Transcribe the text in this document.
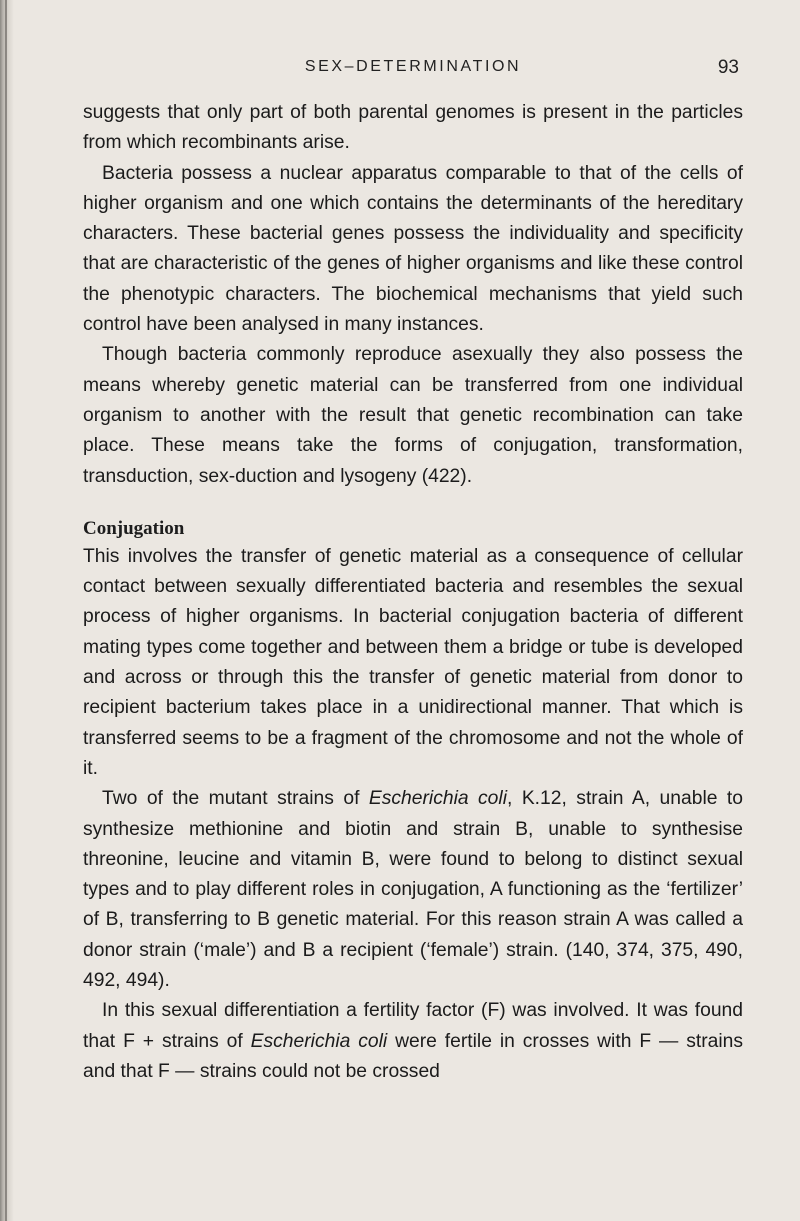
SEX–DETERMINATION	93

suggests that only part of both parental genomes is present in the particles from which recombinants arise.

Bacteria possess a nuclear apparatus comparable to that of the cells of higher organism and one which contains the determinants of the hereditary characters. These bacterial genes possess the individuality and specificity that are characteristic of the genes of higher organisms and like these control the phenotypic characters. The biochemical mechanisms that yield such control have been analysed in many instances.

Though bacteria commonly reproduce asexually they also possess the means whereby genetic material can be transferred from one individual organism to another with the result that genetic recombination can take place. These means take the forms of conjugation, transformation, transduction, sex-duction and lysogeny (422).

Conjugation

This involves the transfer of genetic material as a consequence of cellular contact between sexually differentiated bacteria and resembles the sexual process of higher organisms. In bacterial conjugation bacteria of different mating types come together and between them a bridge or tube is developed and across or through this the transfer of genetic material from donor to recipient bacterium takes place in a unidirectional manner. That which is transferred seems to be a fragment of the chromosome and not the whole of it.

Two of the mutant strains of Escherichia coli, K.12, strain A, unable to synthesize methionine and biotin and strain B, unable to synthesise threonine, leucine and vitamin B, were found to belong to distinct sexual types and to play different roles in conjugation, A functioning as the ‘fertilizer’ of B, transferring to B genetic material. For this reason strain A was called a donor strain (‘male’) and B a recipient (‘female’) strain. (140, 374, 375, 490, 492, 494).

In this sexual differentiation a fertility factor (F) was involved. It was found that F + strains of Escherichia coli were fertile in crosses with F — strains and that F — strains could not be crossed
